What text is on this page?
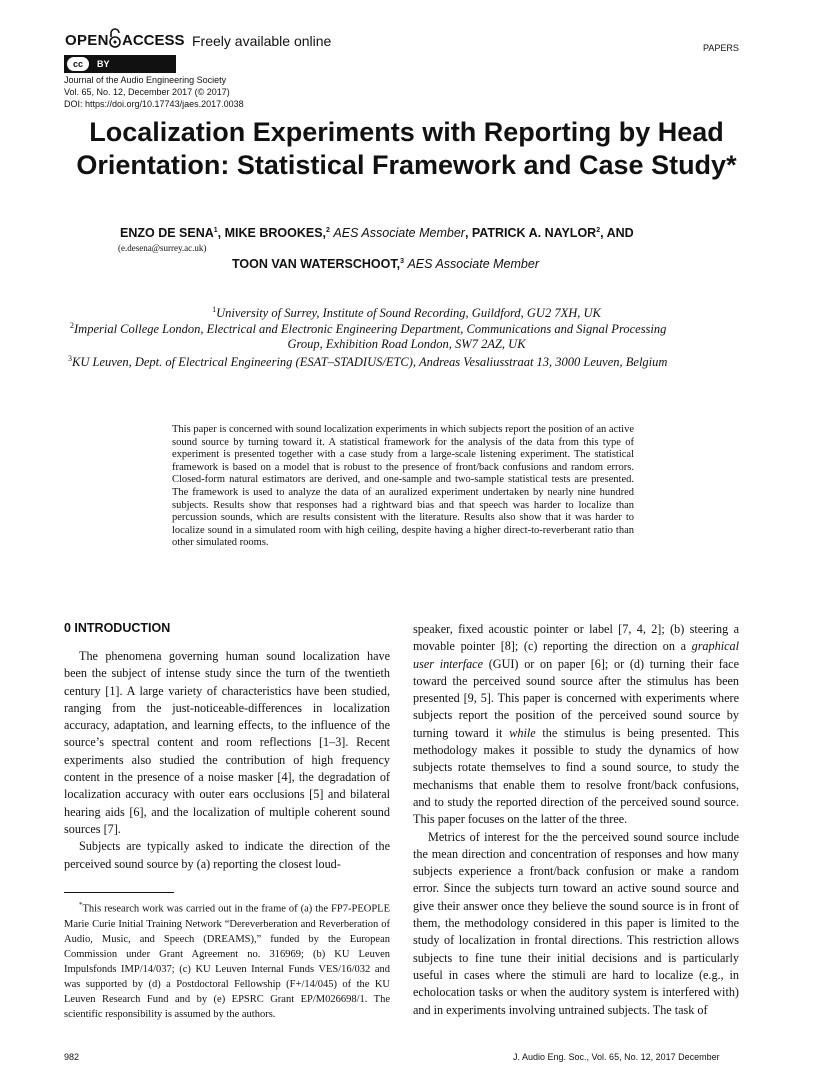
OPEN ACCESS Freely available online
cc	BY
Journal of the Audio Engineering Society
Vol. 65, No. 12, December 2017 (© 2017)
DOI: https://doi.org/10.17743/jaes.2017.0038
PAPERS
Localization Experiments with Reporting by Head
Orientation: Statistical Framework and Case Study*
ENZO DE SENA$^1$, MIKE BROOKES,$^2$ AES Associate Member, PATRICK A. NAYLOR$^2$, AND
(e.desena@surrey.ac.uk)
TOON VAN WATERSCHOOT,$^3$ AES Associate Member
$^1$University of Surrey, Institute of Sound Recording, Guildford, GU2 7XH, UK
$^2$Imperial College London, Electrical and Electronic Engineering Department, Communications and Signal Processing
Group, Exhibition Road London, SW7 2AZ, UK
$^3$KU Leuven, Dept. of Electrical Engineering (ESAT–STADIUS/ETC), Andreas Vesaliusstraat 13, 3000 Leuven, Belgium
This paper is concerned with sound localization experiments in which subjects report the position of an active sound source by turning toward it. A statistical framework for the analysis of the data from this type of experiment is presented together with a case study from a large-scale listening experiment. The statistical framework is based on a model that is robust to the presence of front/back confusions and random errors. Closed-form natural estimators are derived, and one-sample and two-sample statistical tests are presented. The framework is used to analyze the data of an auralized experiment undertaken by nearly nine hundred subjects. Results show that responses had a rightward bias and that speech was harder to localize than percussion sounds, which are results consistent with the literature. Results also show that it was harder to localize sound in a simulated room with high ceiling, despite having a higher direct-to-reverberant ratio than other simulated rooms.
0 INTRODUCTION

The phenomena governing human sound localization have been the subject of intense study since the turn of the twentieth century [1]. A large variety of characteristics have been studied, ranging from the just-noticeable-differences in localization accuracy, adaptation, and learning effects, to the influence of the source’s spectral content and room reflections [1–3]. Recent experiments also studied the contribution of high frequency content in the presence of a noise masker [4], the degradation of localization accuracy with outer ears occlusions [5] and bilateral hearing aids [6], and the localization of multiple coherent sound sources [7].

Subjects are typically asked to indicate the direction of the perceived sound source by (a) reporting the closest loud-

speaker, fixed acoustic pointer or label [7, 4, 2]; (b) steering a movable pointer [8]; (c) reporting the direction on a graphical user interface (GUI) or on paper [6]; or (d) turning their face toward the perceived sound source after the stimulus has been presented [9, 5]. This paper is concerned with experiments where subjects report the position of the perceived sound source by turning toward it while the stimulus is being presented. This methodology makes it possible to study the dynamics of how subjects rotate themselves to find a sound source, to study the mechanisms that enable them to resolve front/back confusions, and to study the reported direction of the perceived sound source. This paper focuses on the latter of the three.

Metrics of interest for the the perceived sound source include the mean direction and concentration of responses and how many subjects experience a front/back confusion or make a random error. Since the subjects turn toward an active sound source and give their answer once they believe the sound source is in front of them, the methodology considered in this paper is limited to the study of localization in frontal directions. This restriction allows subjects to fine tune their initial decisions and is particularly useful in cases where the stimuli are hard to localize (e.g., in echolocation tasks or when the auditory system is interfered with) and in experiments involving untrained subjects. The task of

*This research work was carried out in the frame of (a) the FP7-PEOPLE Marie Curie Initial Training Network “Dereverberation and Reverberation of Audio, Music, and Speech (DREAMS),” funded by the European Commission under Grant Agreement no. 316969; (b) KU Leuven Impulsfonds IMP/14/037; (c) KU Leuven Internal Funds VES/16/032 and was supported by (d) a Postdoctoral Fellowship (F+/14/045) of the KU Leuven Research Fund and by (e) EPSRC Grant EP/M026698/1. The scientific responsibility is assumed by the authors.

982	J. Audio Eng. Soc., Vol. 65, No. 12, 2017 December
